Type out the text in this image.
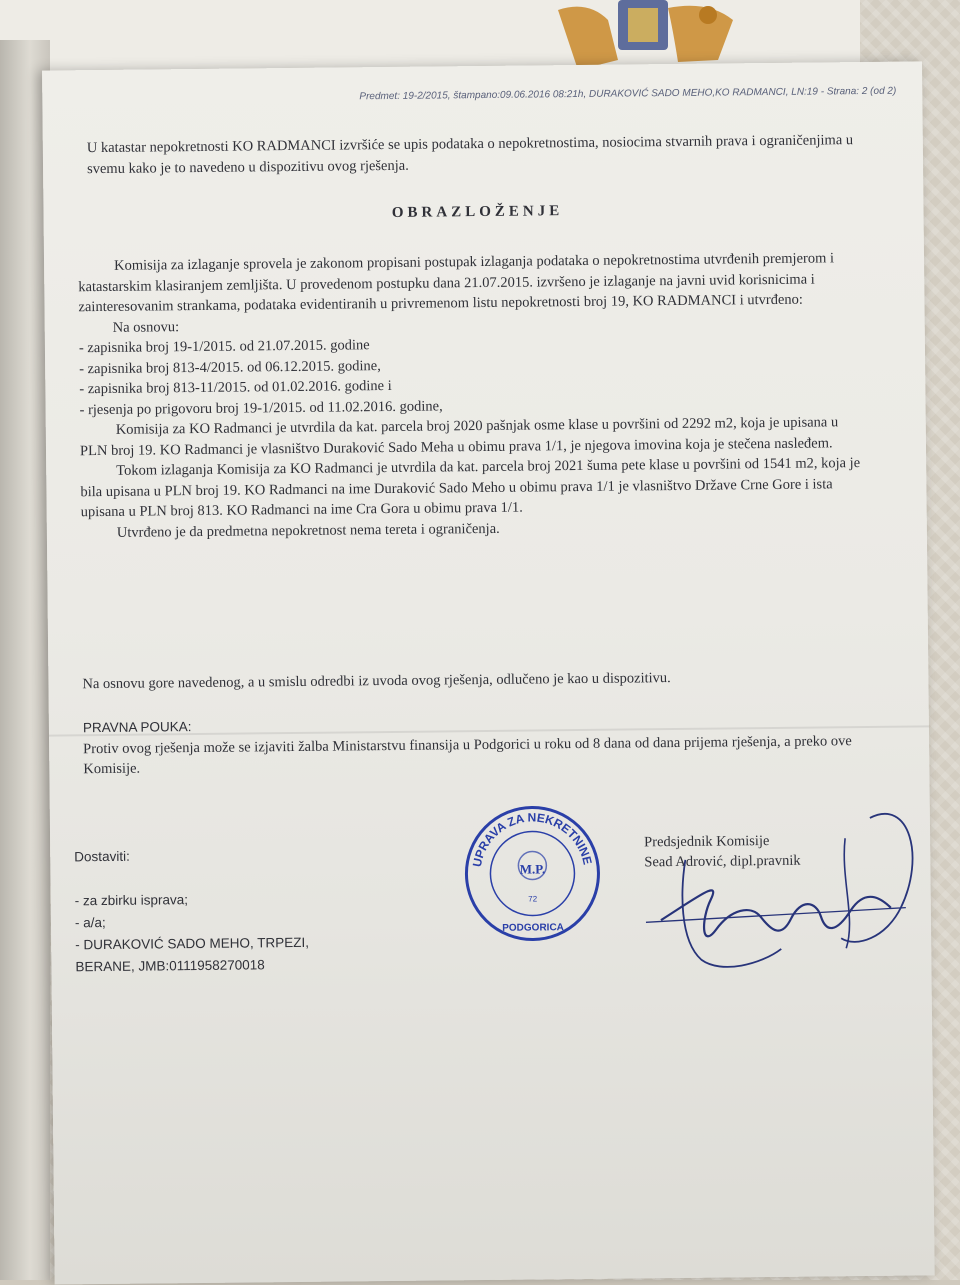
Predmet: 19-2/2015, štampano:09.06.2016 08:21h, DURAKOVIĆ SADO MEHO,KO RADMANCI, LN:19 - Strana: 2 (od 2)

U katastar nepokretnosti KO RADMANCI izvršiće se upis podataka o nepokretnostima, nosiocima stvarnih prava i ograničenjima u svemu kako je to navedeno u dispozitivu ovog rješenja.

OBRAZLOŽENJE

Komisija za izlaganje sprovela je zakonom propisani postupak izlaganja podataka o nepokretnostima utvrđenih premjerom i katastarskim klasiranjem zemljišta. U provedenom postupku dana 21.07.2015. izvršeno je izlaganje na javni uvid korisnicima i zainteresovanim strankama, podataka evidentiranih u privremenom listu nepokretnosti broj 19, KO RADMANCI i utvrđeno:

Na osnovu:

- zapisnika broj 19-1/2015. od 21.07.2015. godine

- zapisnika broj 813-4/2015. od 06.12.2015. godine,

- zapisnika broj 813-11/2015. od 01.02.2016. godine i

- rjesenja po prigovoru broj 19-1/2015. od 11.02.2016. godine,

Komisija za KO Radmanci je utvrdila da kat. parcela broj 2020 pašnjak osme klase u površini od 2292 m2, koja je upisana u PLN broj 19. KO Radmanci je vlasništvo Duraković Sado Meha u obimu prava 1/1, je njegova imovina koja je stečena nasleđem.

Tokom izlaganja Komisija za KO Radmanci je utvrdila da kat. parcela broj 2021 šuma pete klase u površini od 1541 m2, koja je bila upisana u PLN broj 19. KO Radmanci na ime Duraković Sado Meho u obimu prava 1/1 je vlasništvo Države Crne Gore i ista upisana u PLN broj 813. KO Radmanci na ime Cra Gora u obimu prava 1/1.

Utvrđeno je da predmetna nepokretnost nema tereta i ograničenja.

Na osnovu gore navedenog, a u smislu odredbi iz uvoda ovog rješenja, odlučeno je kao u dispozitivu.

PRAVNA POUKA:

Protiv ovog rješenja može se izjaviti žalba Ministarstvu finansija u Podgorici u roku od 8 dana od dana prijema rješenja, a preko ove Komisije.

Dostaviti:

- za zbirku isprava;

- a/a;

- DURAKOVIĆ SADO MEHO, TRPEZI,

BERANE, JMB:0111958270018

UPRAVA ZA NEKRETNINE
M.P.
72
PODGORICA

Predsjednik Komisije

Sead Adrović, dipl.pravnik
